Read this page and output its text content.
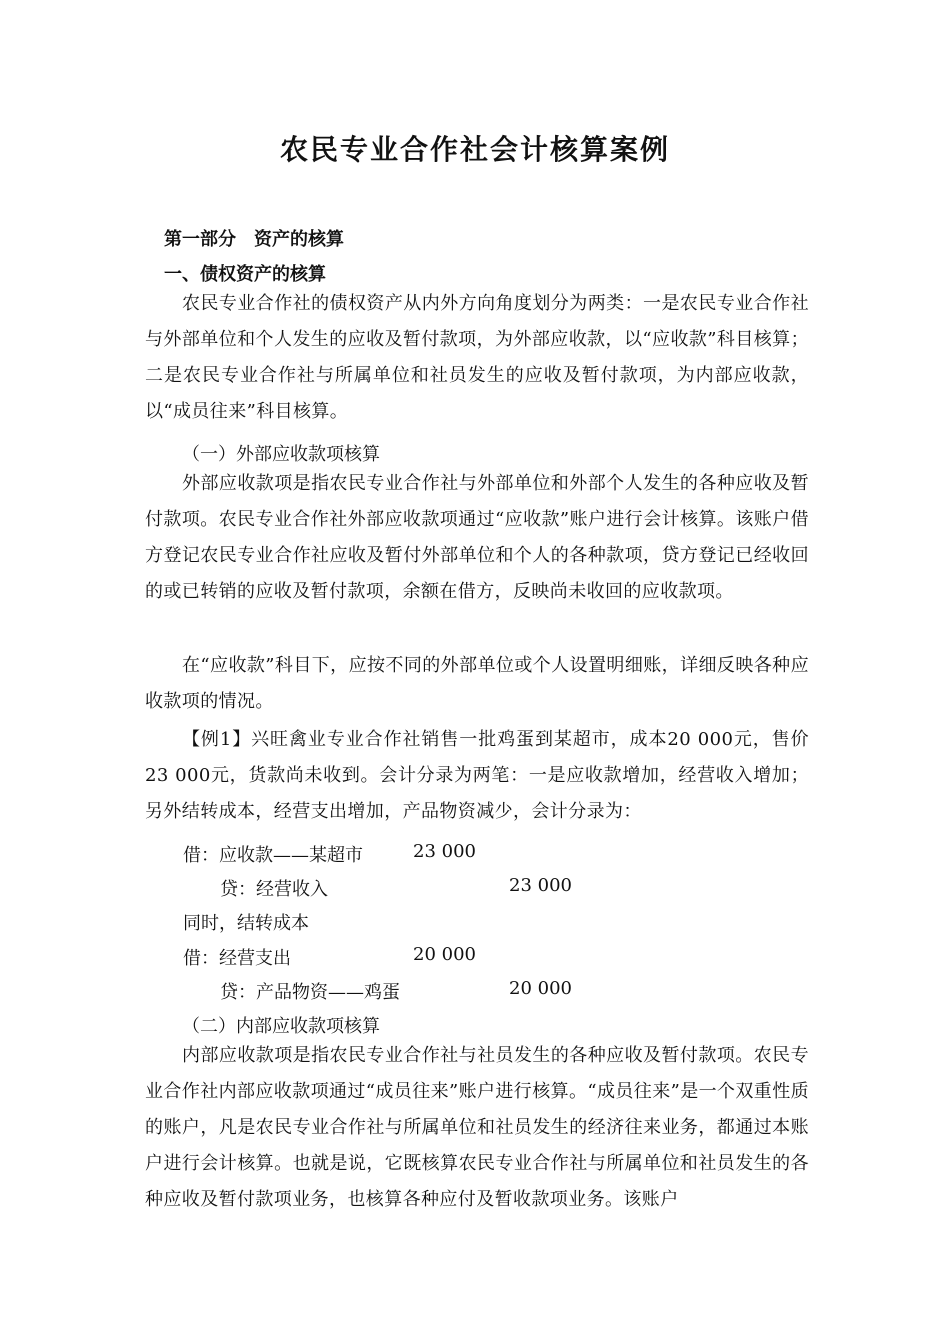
农民专业合作社会计核算案例

第一部分　资产的核算

一、债权资产的核算

农民专业合作社的债权资产从内外方向角度划分为两类：一是农民专业合作社与外部单位和个人发生的应收及暂付款项，为外部应收款，以“应收款”科目核算；二是农民专业合作社与所属单位和社员发生的应收及暂付款项，为内部应收款，以“成员往来”科目核算。

（一）外部应收款项核算

外部应收款项是指农民专业合作社与外部单位和外部个人发生的各种应收及暂付款项。农民专业合作社外部应收款项通过“应收款”账户进行会计核算。该账户借方登记农民专业合作社应收及暂付外部单位和个人的各种款项，贷方登记已经收回的或已转销的应收及暂付款项，余额在借方，反映尚未收回的应收款项。

在“应收款”科目下，应按不同的外部单位或个人设置明细账，详细反映各种应收款项的情况。

【例1】兴旺禽业专业合作社销售一批鸡蛋到某超市，成本20 000元，售价23 000元，货款尚未收到。会计分录为两笔：一是应收款增加，经营收入增加；另外结转成本，经营支出增加，产品物资减少，会计分录为：

借：应收款——某超市	23 000

贷：经营收入	23 000

同时，结转成本

借：经营支出	20 000

贷：产品物资——鸡蛋	20 000

（二）内部应收款项核算

内部应收款项是指农民专业合作社与社员发生的各种应收及暂付款项。农民专业合作社内部应收款项通过“成员往来”账户进行核算。“成员往来”是一个双重性质的账户，凡是农民专业合作社与所属单位和社员发生的经济往来业务，都通过本账户进行会计核算。也就是说，它既核算农民专业合作社与所属单位和社员发生的各种应收及暂付款项业务，也核算各种应付及暂收款项业务。该账户
